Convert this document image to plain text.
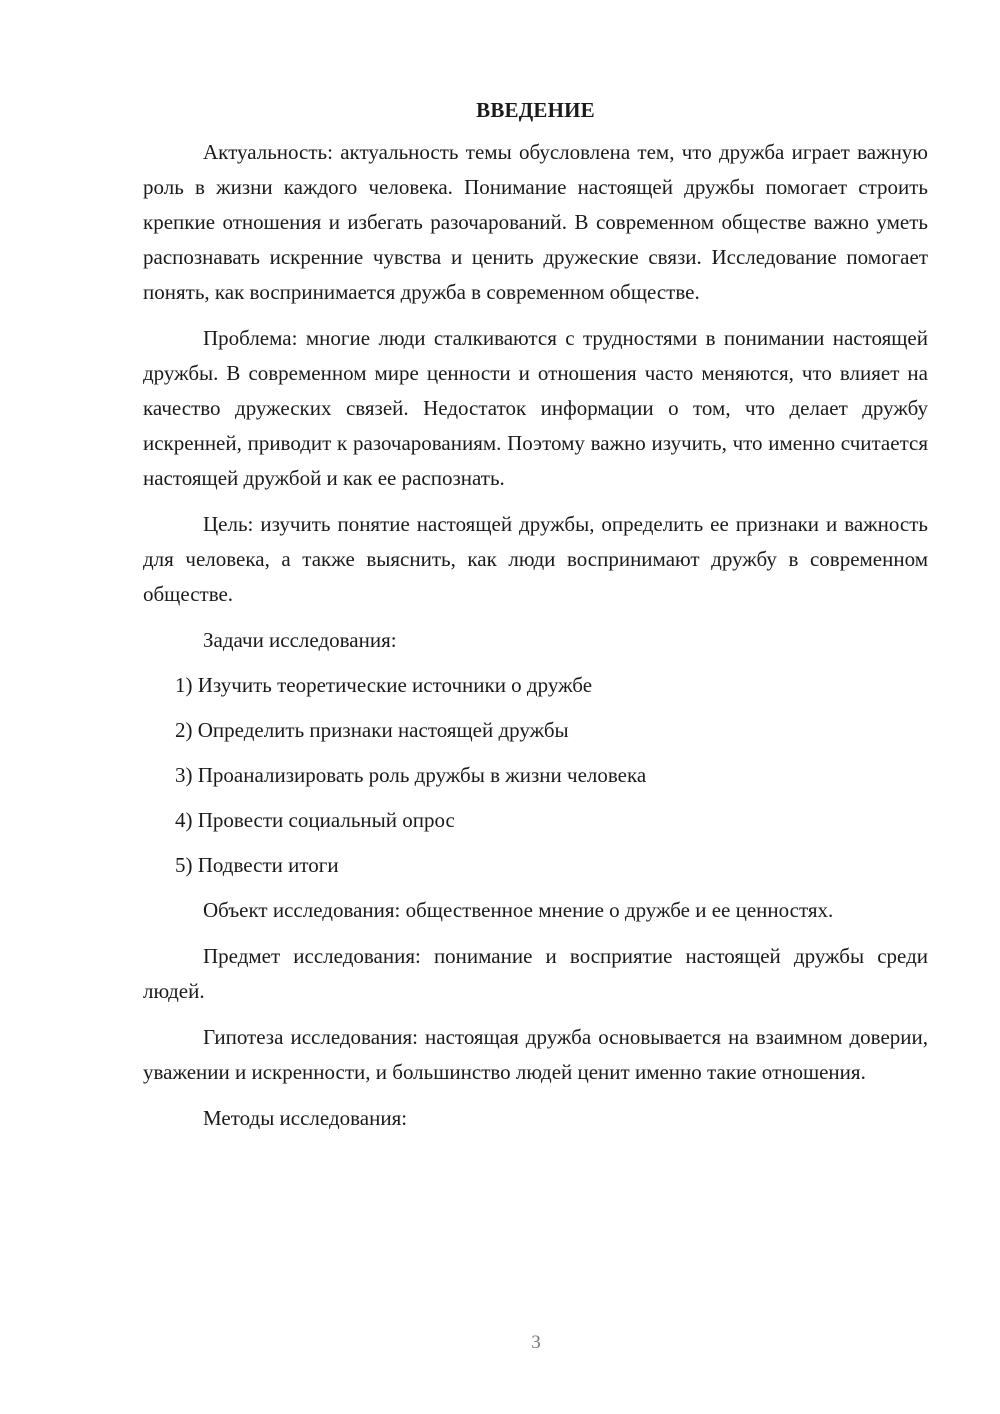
ВВЕДЕНИЕ

Актуальность: актуальность темы обусловлена тем, что дружба играет важную роль в жизни каждого человека. Понимание настоящей дружбы помогает строить крепкие отношения и избегать разочарований. В современном обществе важно уметь распознавать искренние чувства и ценить дружеские связи. Исследование помогает понять, как воспринимается дружба в современном обществе.

Проблема: многие люди сталкиваются с трудностями в понимании настоящей дружбы. В современном мире ценности и отношения часто меняются, что влияет на качество дружеских связей. Недостаток информации о том, что делает дружбу искренней, приводит к разочарованиям. Поэтому важно изучить, что именно считается настоящей дружбой и как ее распознать.

Цель: изучить понятие настоящей дружбы, определить ее признаки и важность для человека, а также выяснить, как люди воспринимают дружбу в современном обществе.

Задачи исследования:

1) Изучить теоретические источники о дружбе
2) Определить признаки настоящей дружбы
3) Проанализировать роль дружбы в жизни человека
4) Провести социальный опрос
5) Подвести итоги

Объект исследования: общественное мнение о дружбе и ее ценностях.

Предмет исследования: понимание и восприятие настоящей дружбы среди людей.

Гипотеза исследования: настоящая дружба основывается на взаимном доверии, уважении и искренности, и большинство людей ценит именно такие отношения.

Методы исследования:

3
